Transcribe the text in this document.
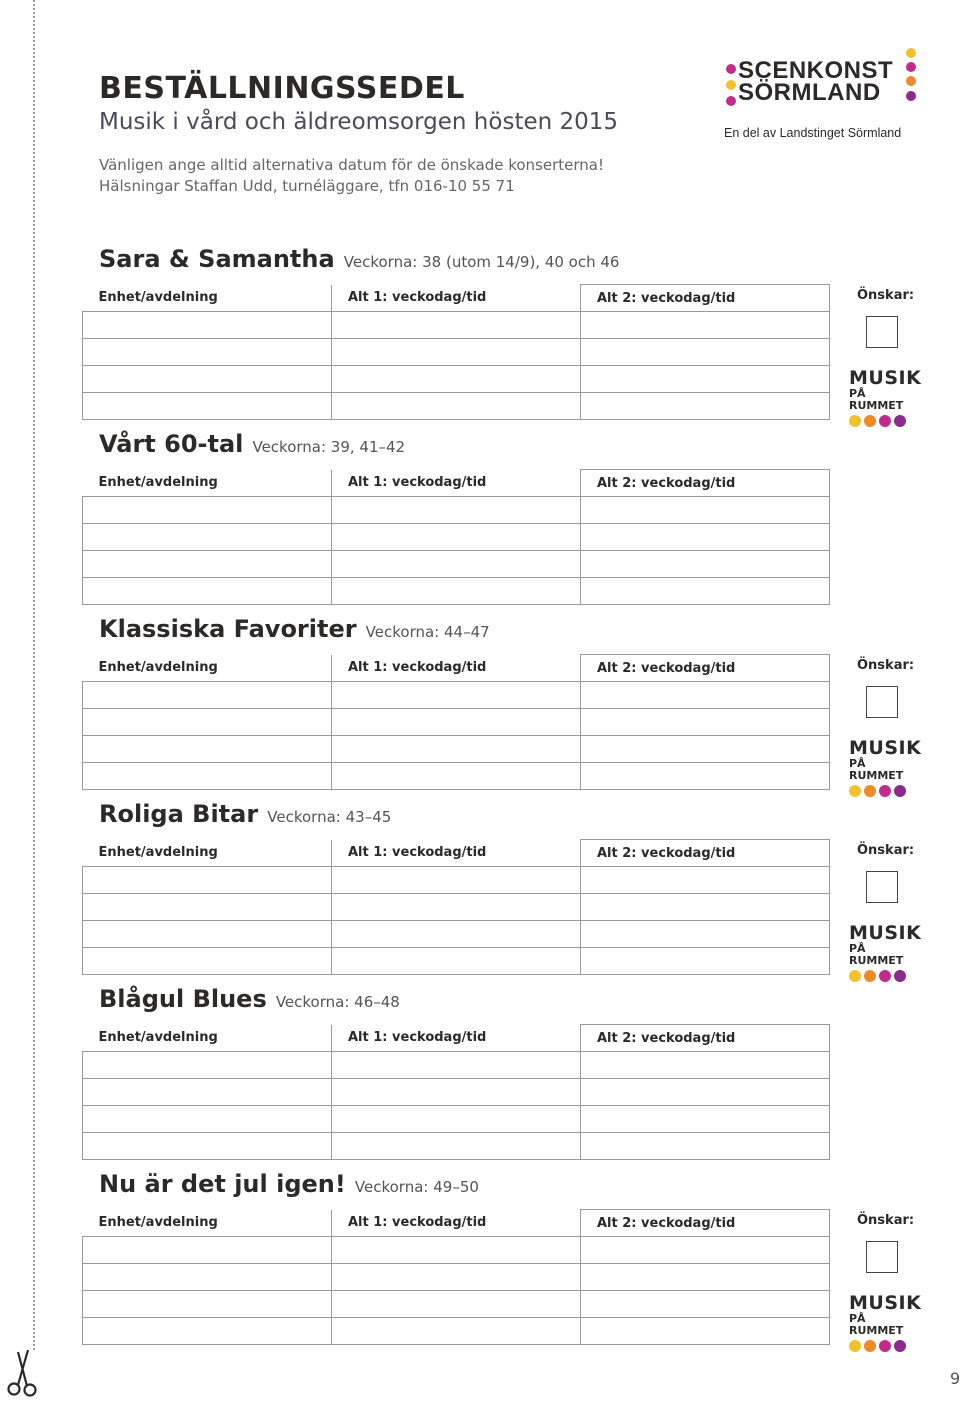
BESTÄLLNINGSSEDEL
Musik i vård och äldreomsorgen hösten 2015
Vänligen ange alltid alternativa datum för de önskade konserterna!
Hälsningar Staffan Udd, turnéläggare, tfn 016-10 55 71
SCENKONST
SÖRMLAND
En del av Landstinget Sörmland
Sara & Samantha Veckorna: 38 (utom 14/9), 40 och 46
Enhet/avdelning	Alt 1: veckodag/tid	Alt 2: veckodag/tid

			Önskar:
MUSIK
PÅ RUMMET
Vårt 60-tal Veckorna: 39, 41–42
Enhet/avdelning	Alt 1: veckodag/tid	Alt 2: veckodag/tid

Klassiska Favoriter Veckorna: 44–47
Enhet/avdelning	Alt 1: veckodag/tid	Alt 2: veckodag/tid

			Önskar:
MUSIK
PÅ RUMMET
Roliga Bitar Veckorna: 43–45
Enhet/avdelning	Alt 1: veckodag/tid	Alt 2: veckodag/tid

			Önskar:
MUSIK
PÅ RUMMET
Blågul Blues Veckorna: 46–48
Enhet/avdelning	Alt 1: veckodag/tid	Alt 2: veckodag/tid

Nu är det jul igen! Veckorna: 49–50
Enhet/avdelning	Alt 1: veckodag/tid	Alt 2: veckodag/tid

			Önskar:
MUSIK
PÅ RUMMET
9
